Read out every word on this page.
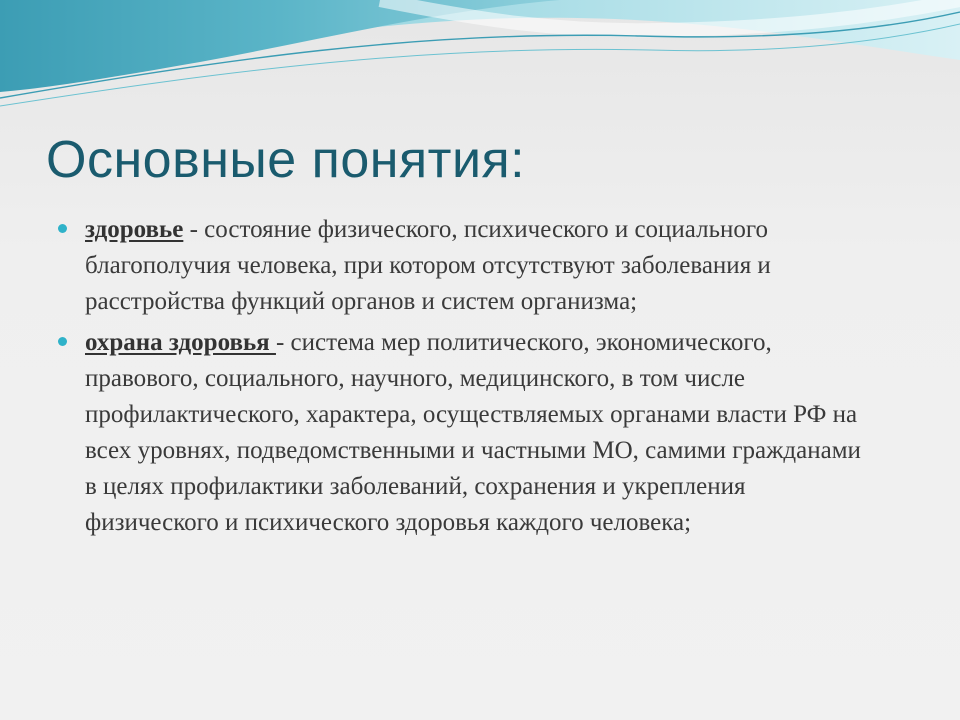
Основные понятия:
здоровье - состояние физического, психического и социального благополучия человека, при котором отсутствуют заболевания и расстройства функций органов и систем организма;
охрана здоровья - система мер политического, экономического, правового, социального, научного, медицинского, в том числе профилактического, характера, осуществляемых органами власти РФ на всех уровнях, подведомственными и частными МО, самими гражданами в целях профилактики заболеваний, сохранения и укрепления физического и психического здоровья каждого человека;
